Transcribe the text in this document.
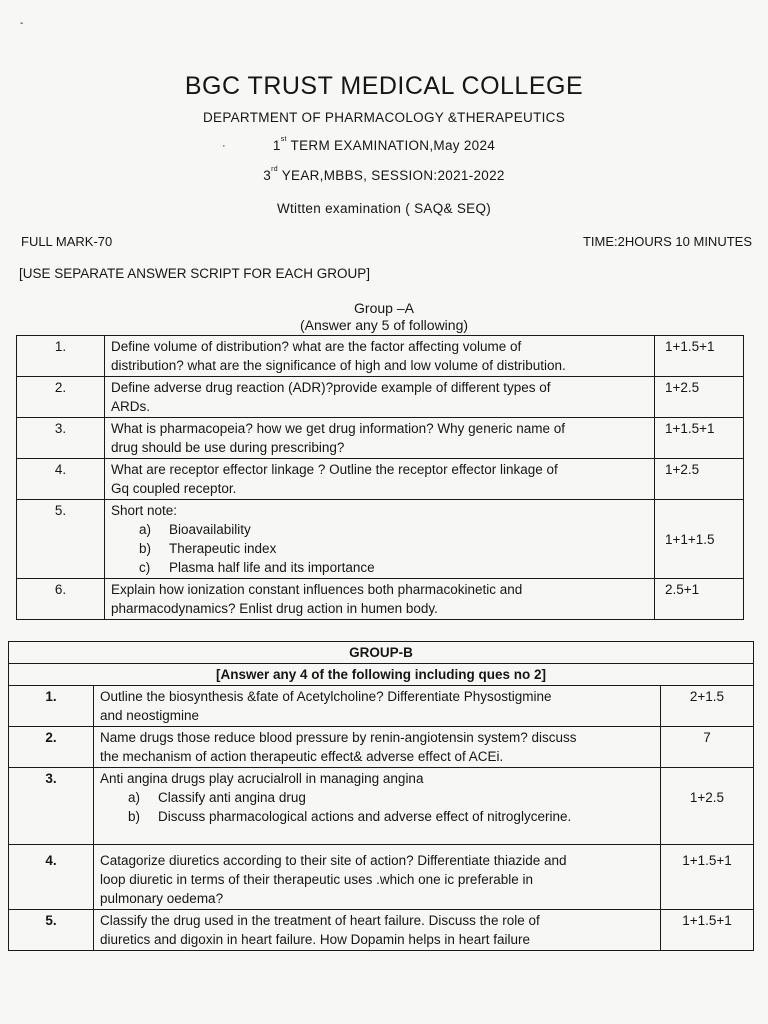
-
BGC TRUST MEDICAL COLLEGE
DEPARTMENT OF PHARMACOLOGY &THERAPEUTICS
·	1st TERM EXAMINATION,May 2024
3rd YEAR,MBBS, SESSION:2021-2022
Wtitten examination ( SAQ& SEQ)
FULL MARK-70	TIME:2HOURS 10 MINUTES
[USE SEPARATE ANSWER SCRIPT FOR EACH GROUP]
Group –A
(Answer any 5 of following)
1.	Define volume of distribution? what are the factor affecting volume of
distribution? what are the significance of high and low volume of distribution.	1+1.5+1
2.	Define adverse drug reaction (ADR)?provide example of different types of
ARDs.	1+2.5
3.	What is pharmacopeia? how we get drug information? Why generic name of
drug should be use during prescribing?	1+1.5+1
4.	What are receptor effector linkage ? Outline the receptor effector linkage of
Gq coupled receptor.	1+2.5
5.	Short note:
a) Bioavailability
b) Therapeutic index
c) Plasma half life and its importance	1+1+1.5
6.	Explain how ionization constant influences both pharmacokinetic and
pharmacodynamics? Enlist drug action in humen body.	2.5+1
GROUP-B		
[Answer any 4 of the following including ques no 2]		
1.	Outline the biosynthesis &fate of Acetylcholine? Differentiate Physostigmine
and neostigmine	2+1.5
2.	Name drugs those reduce blood pressure by renin-angiotensin system? discuss
the mechanism of action therapeutic effect& adverse effect of ACEi.	7
3.	Anti angina drugs play acrucialroll in managing angina
a) Classify anti angina drug
b) Discuss pharmacological actions and adverse effect of nitroglycerine.	1+2.5
4.	Catagorize diuretics according to their site of action? Differentiate thiazide and
loop diuretic in terms of their therapeutic uses .which one ic preferable in
pulmonary oedema?	1+1.5+1
5.	Classify the drug used in the treatment of heart failure. Discuss the role of
diuretics and digoxin in heart failure. How Dopamin helps in heart failure	1+1.5+1
